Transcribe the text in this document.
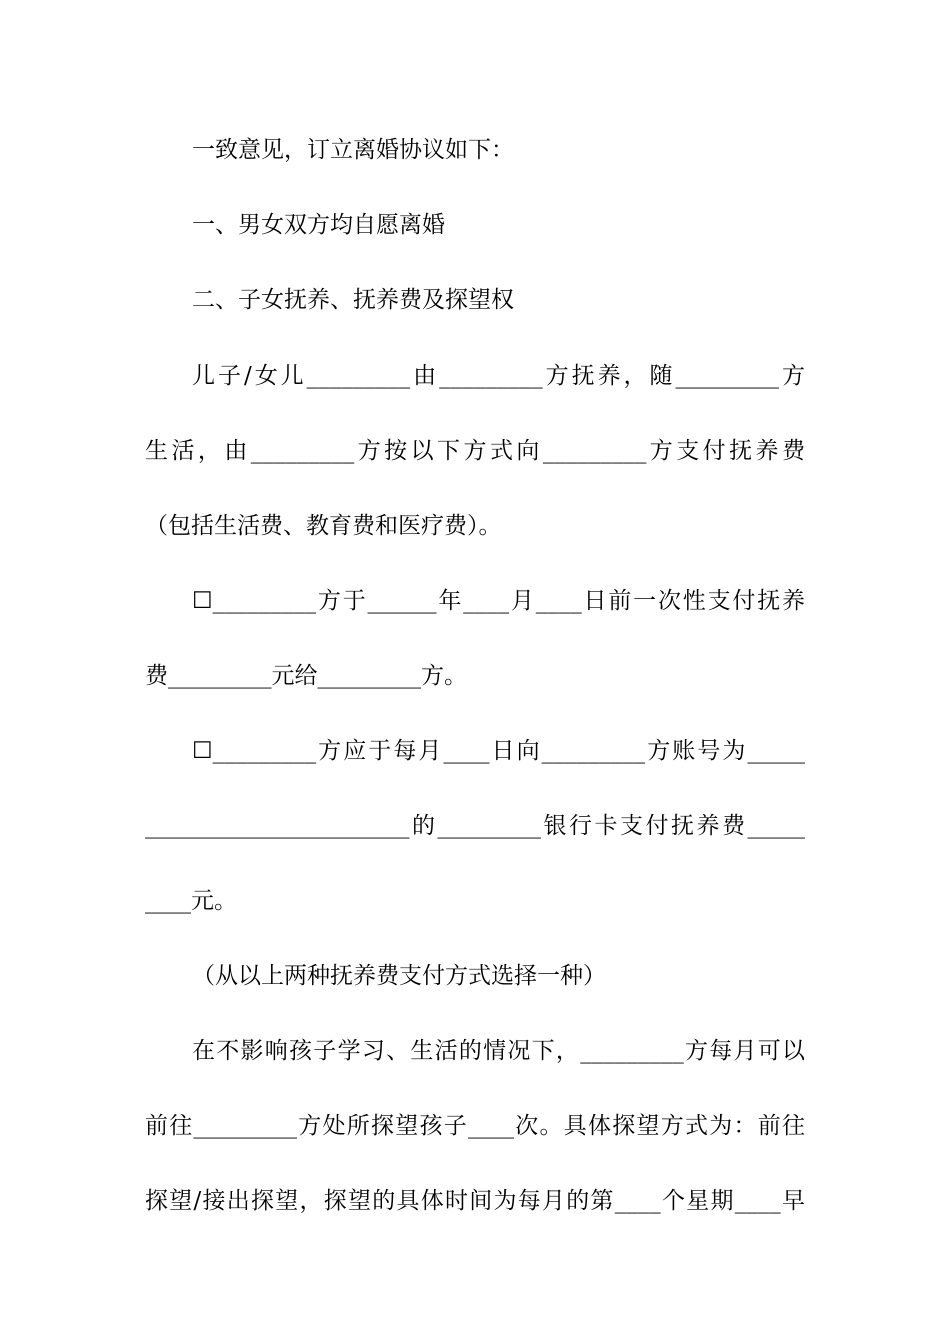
一致意见，订立离婚协议如下：
一、男女双方均自愿离婚
二、子女抚养、抚养费及探望权
儿子/女儿_________由_________方抚养，随_________方
生活，由_________方按以下方式向_________方支付抚养费
（包括生活费、教育费和医疗费）。
☐_________方于______年____月____日前一次性支付抚养
费_________元给_________方。
☐_________方应于每月____日向_________方账号为_____
_______________________的_________银行卡支付抚养费_____
____元。
（从以上两种抚养费支付方式选择一种）
在不影响孩子学习、生活的情况下，_________方每月可以
前往_________方处所探望孩子____次。具体探望方式为：前往
探望/接出探望，探望的具体时间为每月的第____个星期____早
